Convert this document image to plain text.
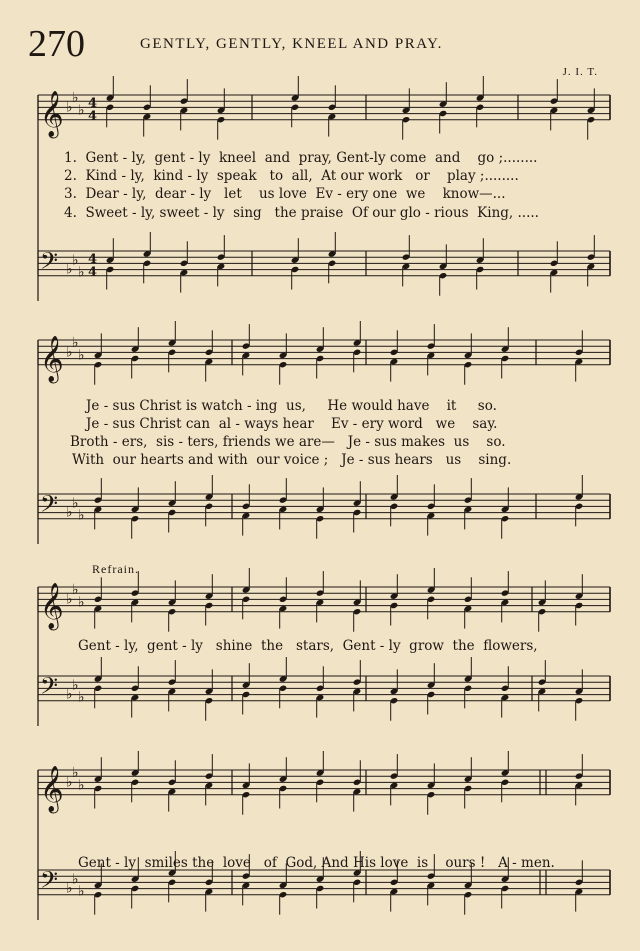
270	GENTLY, GENTLY, KNEEL AND PRAY.
J. I. T.
𝄞 ♭
♭
♭ 4
4
𝄢 ♭
♭
♭
4
4
𝄞 ♭
♭
♭
𝄢 ♭
♭
♭
𝄞 ♭
♭
♭
𝄢 ♭
♭
♭
𝄞 ♭
♭
♭
𝄢 ♭
♭
♭
1.  Gent - ly,  gent - ly  kneel  and  pray, Gent-ly come  and    go ;........
2.  Kind - ly,  kind - ly  speak   to  all,  At our work   or    play ;........
3.  Dear - ly,  dear - ly   let    us love  Ev - ery one  we    know—...
4.  Sweet - ly, sweet - ly  sing   the praise  Of our glo - rious  King, .....
Je - sus Christ is watch - ing  us,     He would have    it     so.
Je - sus Christ can  al - ways hear    Ev - ery word   we    say.
Broth - ers,  sis - ters, friends we are—   Je - sus makes  us    so.
With  our hearts and with  our voice ;   Je - sus hears   us    sing.
Refrain.
Gent - ly,  gent - ly   shine  the   stars,  Gent - ly  grow  the  flowers,
Gent - ly  smiles the  love   of  God, And His love  is    ours !   A - men.
